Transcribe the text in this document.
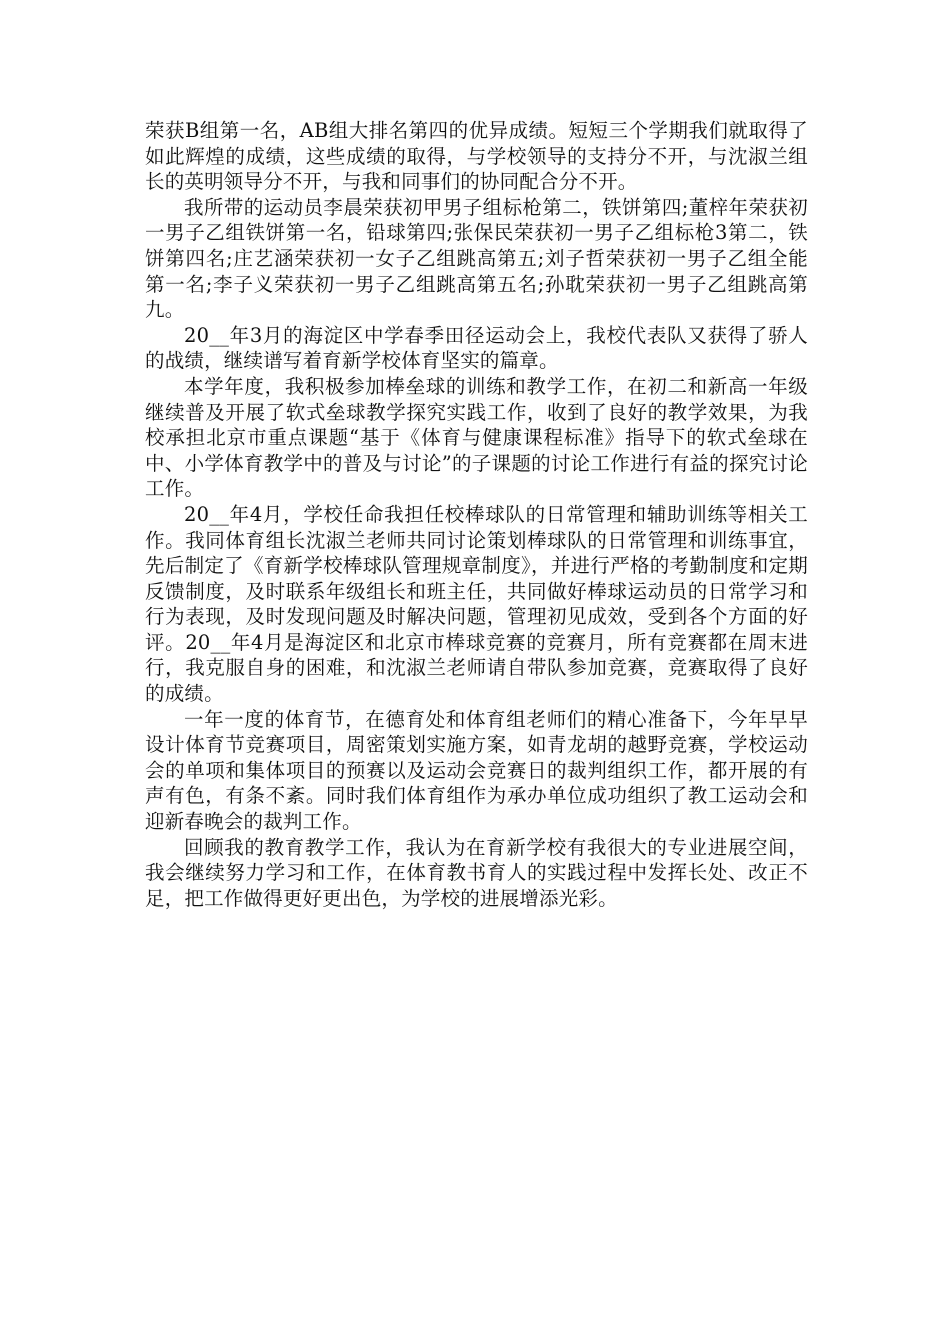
荣获B组第一名，AB组大排名第四的优异成绩。短短三个学期我们就取得了如此辉煌的成绩，这些成绩的取得，与学校领导的支持分不开，与沈淑兰组长的英明领导分不开，与我和同事们的协同配合分不开。

我所带的运动员李晨荣获初甲男子组标枪第二，铁饼第四;董梓年荣获初一男子乙组铁饼第一名，铅球第四;张保民荣获初一男子乙组标枪3第二，铁饼第四名;庄艺涵荣获初一女子乙组跳高第五;刘子哲荣获初一男子乙组全能第一名;李子义荣获初一男子乙组跳高第五名;孙耽荣获初一男子乙组跳高第九。

20__年3月的海淀区中学春季田径运动会上，我校代表队又获得了骄人的战绩，继续谱写着育新学校体育坚实的篇章。

本学年度，我积极参加棒垒球的训练和教学工作，在初二和新高一年级继续普及开展了软式垒球教学探究实践工作，收到了良好的教学效果，为我校承担北京市重点课题“基于《体育与健康课程标准》指导下的软式垒球在中、小学体育教学中的普及与讨论”的子课题的讨论工作进行有益的探究讨论工作。

20__年4月，学校任命我担任校棒球队的日常管理和辅助训练等相关工作。我同体育组长沈淑兰老师共同讨论策划棒球队的日常管理和训练事宜，先后制定了《育新学校棒球队管理规章制度》，并进行严格的考勤制度和定期反馈制度，及时联系年级组长和班主任，共同做好棒球运动员的日常学习和行为表现，及时发现问题及时解决问题，管理初见成效，受到各个方面的好评。20__年4月是海淀区和北京市棒球竞赛的竞赛月，所有竞赛都在周末进行，我克服自身的困难，和沈淑兰老师请自带队参加竞赛，竞赛取得了良好的成绩。

一年一度的体育节，在德育处和体育组老师们的精心准备下，今年早早设计体育节竞赛项目，周密策划实施方案，如青龙胡的越野竞赛，学校运动会的单项和集体项目的预赛以及运动会竞赛日的裁判组织工作，都开展的有声有色，有条不紊。同时我们体育组作为承办单位成功组织了教工运动会和迎新春晚会的裁判工作。

回顾我的教育教学工作，我认为在育新学校有我很大的专业进展空间，我会继续努力学习和工作，在体育教书育人的实践过程中发挥长处、改正不足，把工作做得更好更出色，为学校的进展增添光彩。
